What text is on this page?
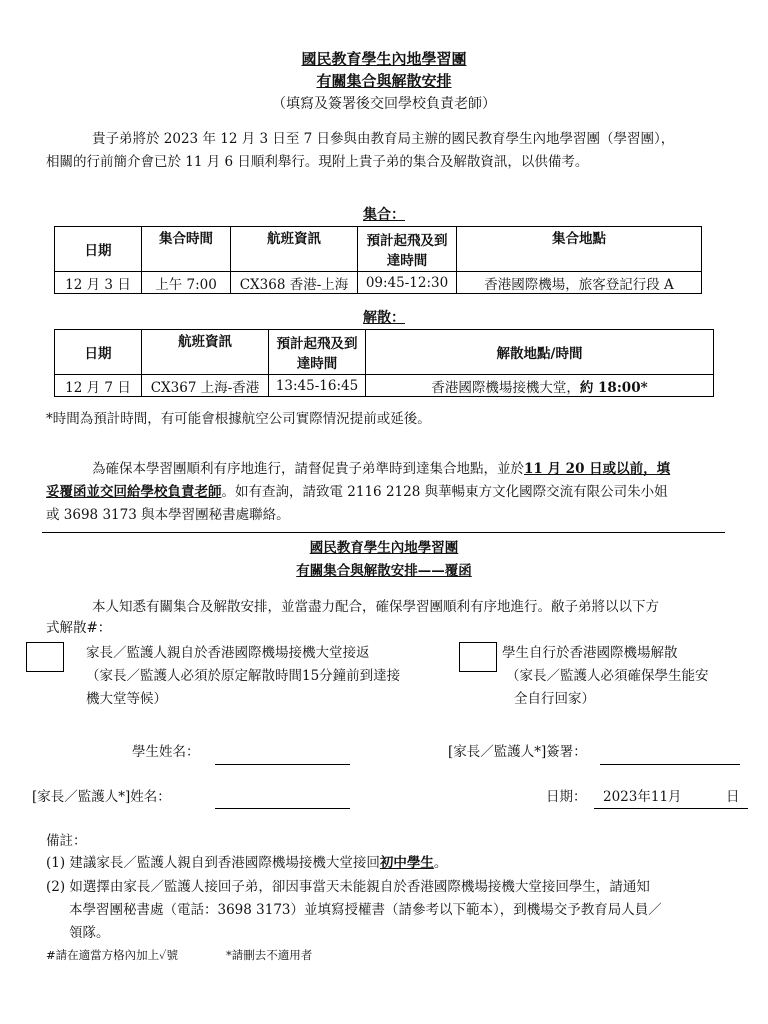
國民教育學生內地學習團
有關集合與解散安排
（填寫及簽署後交回學校負責老師）
貴子弟將於 2023 年 12 月 3 日至 7 日參與由教育局主辦的國民教育學生內地學習團（學習團），
相關的行前簡介會已於 11 月 6 日順利舉行。現附上貴子弟的集合及解散資訊，以供備考。
集合：
日期	集合時間	航班資訊	預計起飛及到達時間	集合地點
12 月 3 日	上午 7:00	CX368 香港-上海	09:45-12:30	香港國際機場，旅客登記行段 A
解散：
日期	航班資訊	預計起飛及到達時間	解散地點/時間
12 月 7 日	CX367 上海-香港	13:45-16:45	香港國際機場接機大堂，約 18:00*
*時間為預計時間，有可能會根據航空公司實際情況提前或延後。
為確保本學習團順利有序地進行，請督促貴子弟準時到達集合地點，並於11 月 20 日或以前，填
妥覆函並交回給學校負責老師。如有查詢，請致電 2116 2128 與華暢東方文化國際交流有限公司朱小姐
或 3698 3173 與本學習團秘書處聯絡。
國民教育學生內地學習團
有關集合與解散安排——覆函
本人知悉有關集合及解散安排，並當盡力配合，確保學習團順利有序地進行。敝子弟將以以下方
式解散#：
家長／監護人親自於香港國際機場接機大堂接返
（家長／監護人必須於原定解散時間15分鐘前到達接
機大堂等候）
學生自行於香港國際機場解散
（家長／監護人必須確保學生能安
全自行回家）
學生姓名：	[家長／監護人*]簽署：
[家長／監護人*]姓名：	日期： 2023年11月	日
備註：
(1) 建議家長／監護人親自到香港國際機場接機大堂接回初中學生。
(2) 如選擇由家長／監護人接回子弟，卻因事當天未能親自於香港國際機場接機大堂接回學生，請通知
本學習團秘書處（電話：3698 3173）並填寫授權書（請參考以下範本），到機場交予教育局人員／
領隊。
#請在適當方格內加上✓號	*請刪去不適用者
